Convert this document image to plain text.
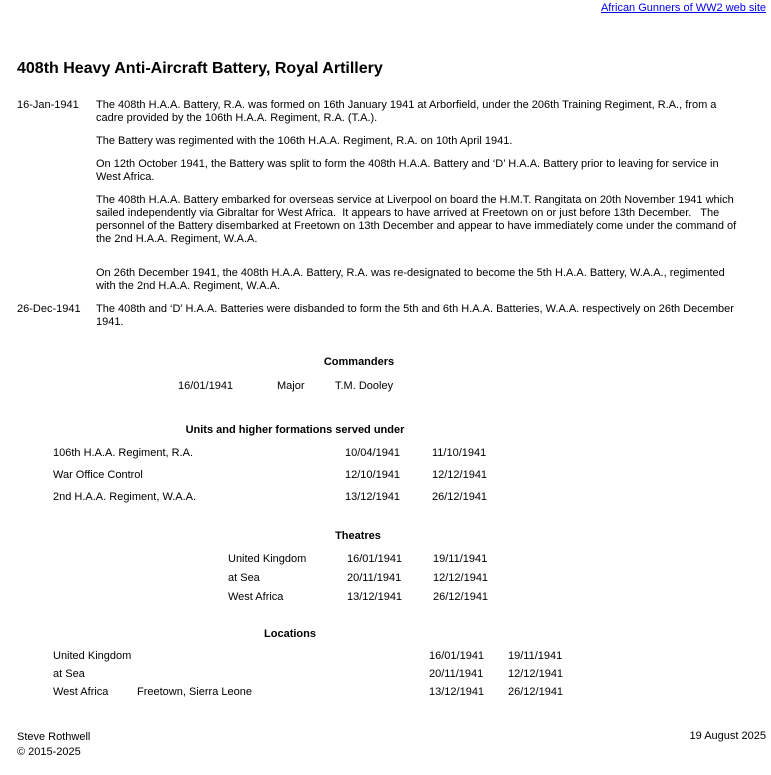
African Gunners of WW2 web site
408th Heavy Anti-Aircraft Battery, Royal Artillery
16-Jan-1941	The 408th H.A.A. Battery, R.A. was formed on 16th January 1941 at Arborfield, under the 206th Training Regiment, R.A., from a cadre provided by the 106th H.A.A. Regiment, R.A. (T.A.).

The Battery was regimented with the 106th H.A.A. Regiment, R.A. on 10th April 1941.

On 12th October 1941, the Battery was split to form the 408th H.A.A. Battery and ‘D’ H.A.A. Battery prior to leaving for service in West Africa.

The 408th H.A.A. Battery embarked for overseas service at Liverpool on board the H.M.T. Rangitata on 20th November 1941 which sailed independently via Gibraltar for West Africa.  It appears to have arrived at Freetown on or just before 13th December.   The personnel of the Battery disembarked at Freetown on 13th December and appear to have immediately come under the command of the 2nd H.A.A. Regiment, W.A.A.

On 26th December 1941, the 408th H.A.A. Battery, R.A. was re-designated to become the 5th H.A.A. Battery, W.A.A., regimented with the 2nd H.A.A. Regiment, W.A.A.

26-Dec-1941	The 408th and ‘D’ H.A.A. Batteries were disbanded to form the 5th and 6th H.A.A. Batteries, W.A.A. respectively on 26th December 1941.

Commanders
16/01/1941	Major	T.M. Dooley
Units and higher formations served under
106th H.A.A. Regiment, R.A.	10/04/1941	11/10/1941
War Office Control	12/10/1941	12/12/1941
2nd H.A.A. Regiment, W.A.A.	13/12/1941	26/12/1941
Theatres
United Kingdom	16/01/1941	19/11/1941
at Sea	20/11/1941	12/12/1941
West Africa	13/12/1941	26/12/1941
Locations
United Kingdom	16/01/1941	19/11/1941
at Sea	20/11/1941	12/12/1941
West Africa	Freetown, Sierra Leone	13/12/1941	26/12/1941
Steve Rothwell
© 2015-2025
19 August 2025
